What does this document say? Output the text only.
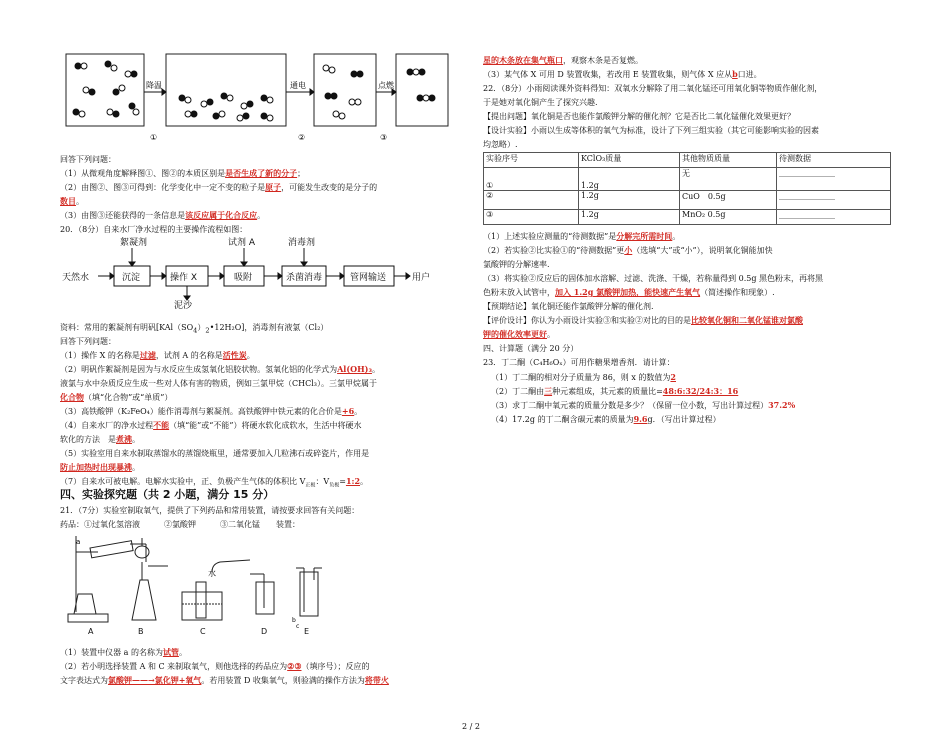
降温	通电	点燃
①	②	③
回答下列问题：
（1）从微观角度解释图①、图②的本质区别是是否生成了新的分子；
（2）由图②、图③可得到：化学变化中一定不变的粒子是原子，可能发生改变的是分子的
数目。
（3）由图③还能获得的一条信息是该反应属于化合反应。
20．（8分）自来水厂净水过程的主要操作流程如图：
絮凝剂	试剂 A	消毒剂
天然水	沉淀	操作 X	吸附	杀菌消毒	管网输送	用户
泥沙
资料：常用的絮凝剂有明矾$[KAl(SO_4)_2•12H_2O]$，消毒剂有液氯（Cl₂）
回答下列问题：
（1）操作 X 的名称是过滤，试剂 A 的名称是活性炭。
（2）明矾作絮凝剂是因为与水反应生成氢氧化铝胶状物。氢氧化铝的化学式为Al(OH)₃。
液氯与水中杂质反应生成一些对人体有害的物质，例如三氯甲烷（CHCl₃）。三氯甲烷属于
化合物（填“化合物”或“单质”）
（3）高铁酸钾（K₂FeO₄）能作消毒剂与絮凝剂。高铁酸钾中铁元素的化合价是+6。
（4）自来水厂的净水过程不能（填“能”或“不能”）将硬水软化成软水，生活中将硬水
软化的方法　是煮沸。
（5）实验室用自来水制取蒸馏水的蒸馏烧瓶里，通常要加入几粒沸石或碎瓷片，作用是
防止加热时出现暴沸。
（7）自来水可被电解。电解水实验中，正、负极产生气体的体积比 $V_{正极}$：$V_{负极}=1:2$。
四、实验探究题（共 2 小题，满分 15 分）
21．（7分）实验室制取氧气，提供了下列药品和常用装置，请按要求回答有关问题：
药品：①过氧化氢溶液　　　	②氯酸钾　　　	③二氧化锰　　 装置：
a
水
b
c
A	B	C	D	E
（1）装置中仪器 a 的名称为试管。
（2）若小明选择装置 A 和 C 来制取氧气，则他选择的药品应为②③（填序号）；反应的
文字表达式为氯酸钾——→氯化钾+氧气。若用装置 D 收集氧气，则验满的操作方法为将带火
星的木条放在集气瓶口，观察木条是否复燃。
（3）某气体 X 可用 D 装置收集，若改用 E 装置收集，则气体 X 应从b口进。
22．（8分）小雨阅读课外资料得知：双氧水分解除了用二氧化锰还可用氧化铜等物质作催化剂，
于是她对氧化铜产生了探究兴趣.
【提出问题】氧化铜是否也能作氯酸钾分解的催化剂？它是否比二氧化锰催化效果更好？
【设计实验】小雨以生成等体积的氧气为标准，设计了下列三组实验（其它可能影响实验的因素
均忽略）.
实验序号	KClO₃质量	其他物质质量	待测数据
①	1.2g	无	______________
②	1.2g	CuO　0.5g	______________
③	1.2g	MnO₂ 0.5g	______________
（1）上述实验应测量的“待测数据”是分解完所需时间。
（2）若实验②比实验①的“待测数据”更小（选填“大”或“小”），说明氧化铜能加快
氯酸钾的分解速率.
（3）将实验②反应后的固体加水溶解、过滤、洗涤、干燥，若称量得到 0.5g 黑色粉末，再将黑
色粉末放入试管中，加入 1.2g 氯酸钾加热，能快速产生氧气（简述操作和现象）.
【预期结论】氧化铜还能作氯酸钾分解的催化剂.
【评价设计】你认为小雨设计实验③和实验②对比的目的是比较氧化铜和二氧化锰谁对氯酸
钾的催化效率更好。
四、计算题（满分 20 分）
23．丁二酮（C₄H₆Oₓ）可用作糖果增香剂．请计算：
（1）丁二酮的相对分子质量为 86，则 x 的数值为2
（2）丁二酮由三种元素组成，其元素的质量比=48:6:32/24:3：16
（3）求丁二酮中氧元素的质量分数是多少？（保留一位小数，写出计算过程）37.2%
（4）17.2g 的丁二酮含碳元素的质量为9.6g．（写出计算过程）
2 / 2
